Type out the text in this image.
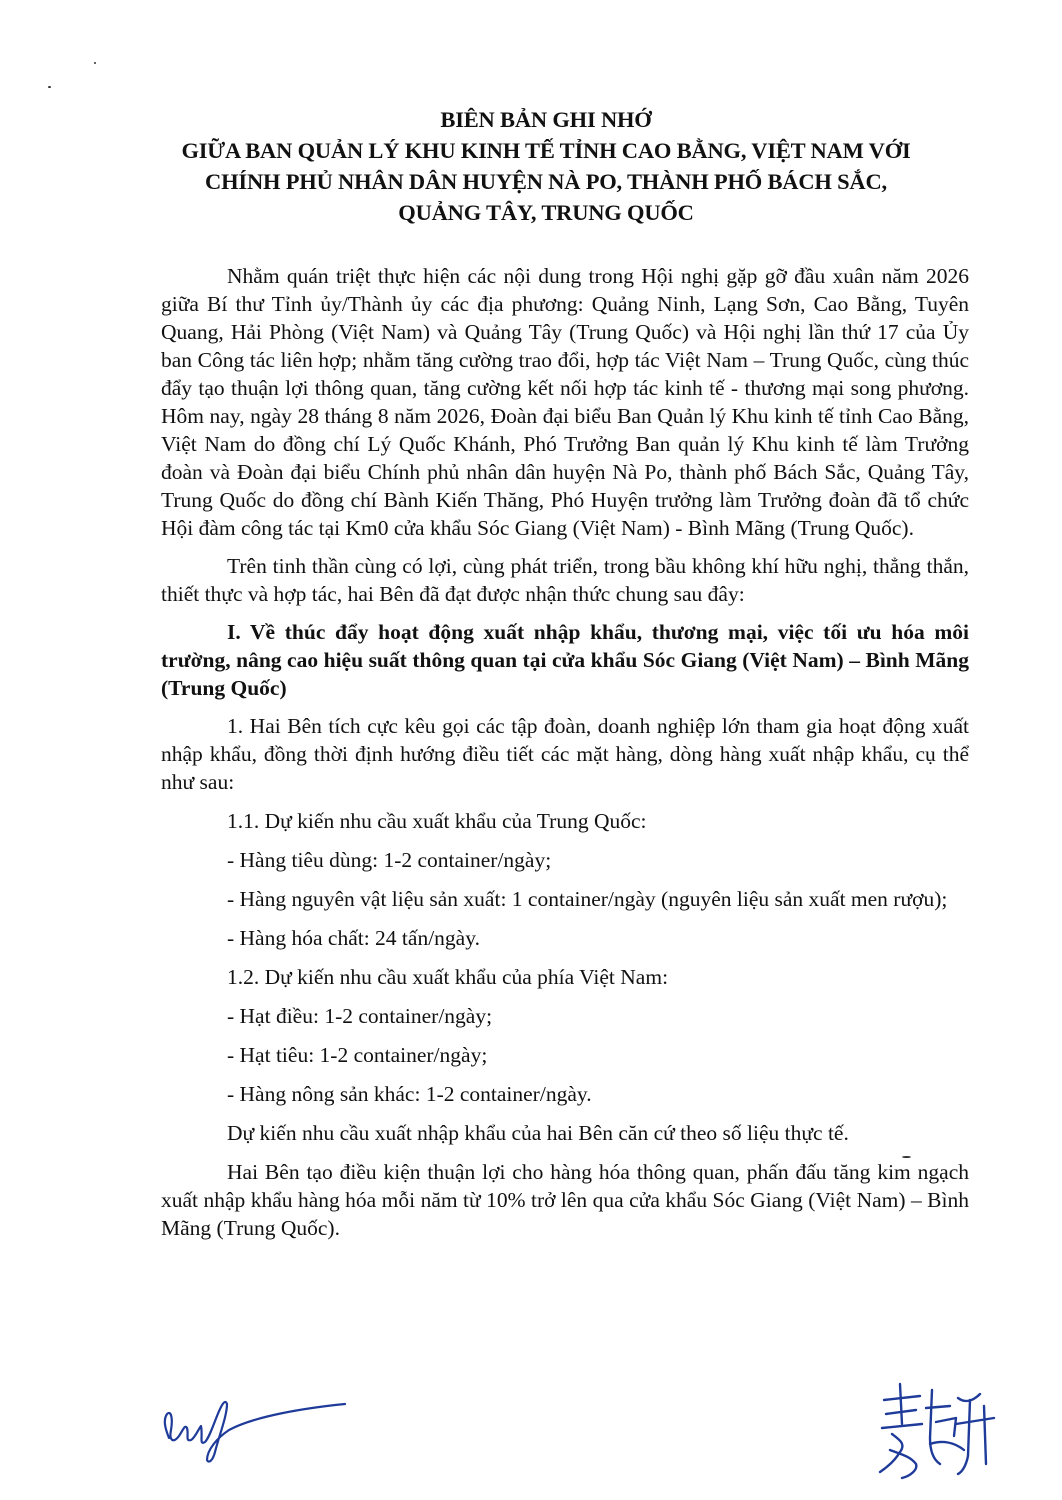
BIÊN BẢN GHI NHỚ
GIỮA BAN QUẢN LÝ KHU KINH TẾ TỈNH CAO BẰNG, VIỆT NAM VỚI
CHÍNH PHỦ NHÂN DÂN HUYỆN NÀ PO, THÀNH PHỐ BÁCH SẮC,
QUẢNG TÂY, TRUNG QUỐC

Nhằm quán triệt thực hiện các nội dung trong Hội nghị gặp gỡ đầu xuân năm 2026 giữa Bí thư Tỉnh ủy/Thành ủy các địa phương: Quảng Ninh, Lạng Sơn, Cao Bằng, Tuyên Quang, Hải Phòng (Việt Nam) và Quảng Tây (Trung Quốc) và Hội nghị lần thứ 17 của Ủy ban Công tác liên hợp; nhằm tăng cường trao đổi, hợp tác Việt Nam – Trung Quốc, cùng thúc đẩy tạo thuận lợi thông quan, tăng cường kết nối hợp tác kinh tế - thương mại song phương. Hôm nay, ngày 28 tháng 8 năm 2026, Đoàn đại biểu Ban Quản lý Khu kinh tế tỉnh Cao Bằng, Việt Nam do đồng chí Lý Quốc Khánh, Phó Trưởng Ban quản lý Khu kinh tế làm Trưởng đoàn và Đoàn đại biểu Chính phủ nhân dân huyện Nà Po, thành phố Bách Sắc, Quảng Tây, Trung Quốc do đồng chí Bành Kiến Thăng, Phó Huyện trưởng làm Trưởng đoàn đã tổ chức Hội đàm công tác tại Km0 cửa khẩu Sóc Giang (Việt Nam) - Bình Mãng (Trung Quốc).

Trên tinh thần cùng có lợi, cùng phát triển, trong bầu không khí hữu nghị, thẳng thắn, thiết thực và hợp tác, hai Bên đã đạt được nhận thức chung sau đây:

I. Về thúc đẩy hoạt động xuất nhập khẩu, thương mại, việc tối ưu hóa môi trường, nâng cao hiệu suất thông quan tại cửa khẩu Sóc Giang (Việt Nam) – Bình Mãng (Trung Quốc)

1. Hai Bên tích cực kêu gọi các tập đoàn, doanh nghiệp lớn tham gia hoạt động xuất nhập khẩu, đồng thời định hướng điều tiết các mặt hàng, dòng hàng xuất nhập khẩu, cụ thể như sau:

1.1. Dự kiến nhu cầu xuất khẩu của Trung Quốc:

- Hàng tiêu dùng: 1-2 container/ngày;

- Hàng nguyên vật liệu sản xuất: 1 container/ngày (nguyên liệu sản xuất men rượu);

- Hàng hóa chất: 24 tấn/ngày.

1.2. Dự kiến nhu cầu xuất khẩu của phía Việt Nam:

- Hạt điều: 1-2 container/ngày;

- Hạt tiêu: 1-2 container/ngày;

- Hàng nông sản khác: 1-2 container/ngày.

Dự kiến nhu cầu xuất nhập khẩu của hai Bên căn cứ theo số liệu thực tế.

Hai Bên tạo điều kiện thuận lợi cho hàng hóa thông quan, phấn đấu tăng kim ngạch xuất nhập khẩu hàng hóa mỗi năm từ 10% trở lên qua cửa khẩu Sóc Giang (Việt Nam) – Bình Mãng (Trung Quốc).
